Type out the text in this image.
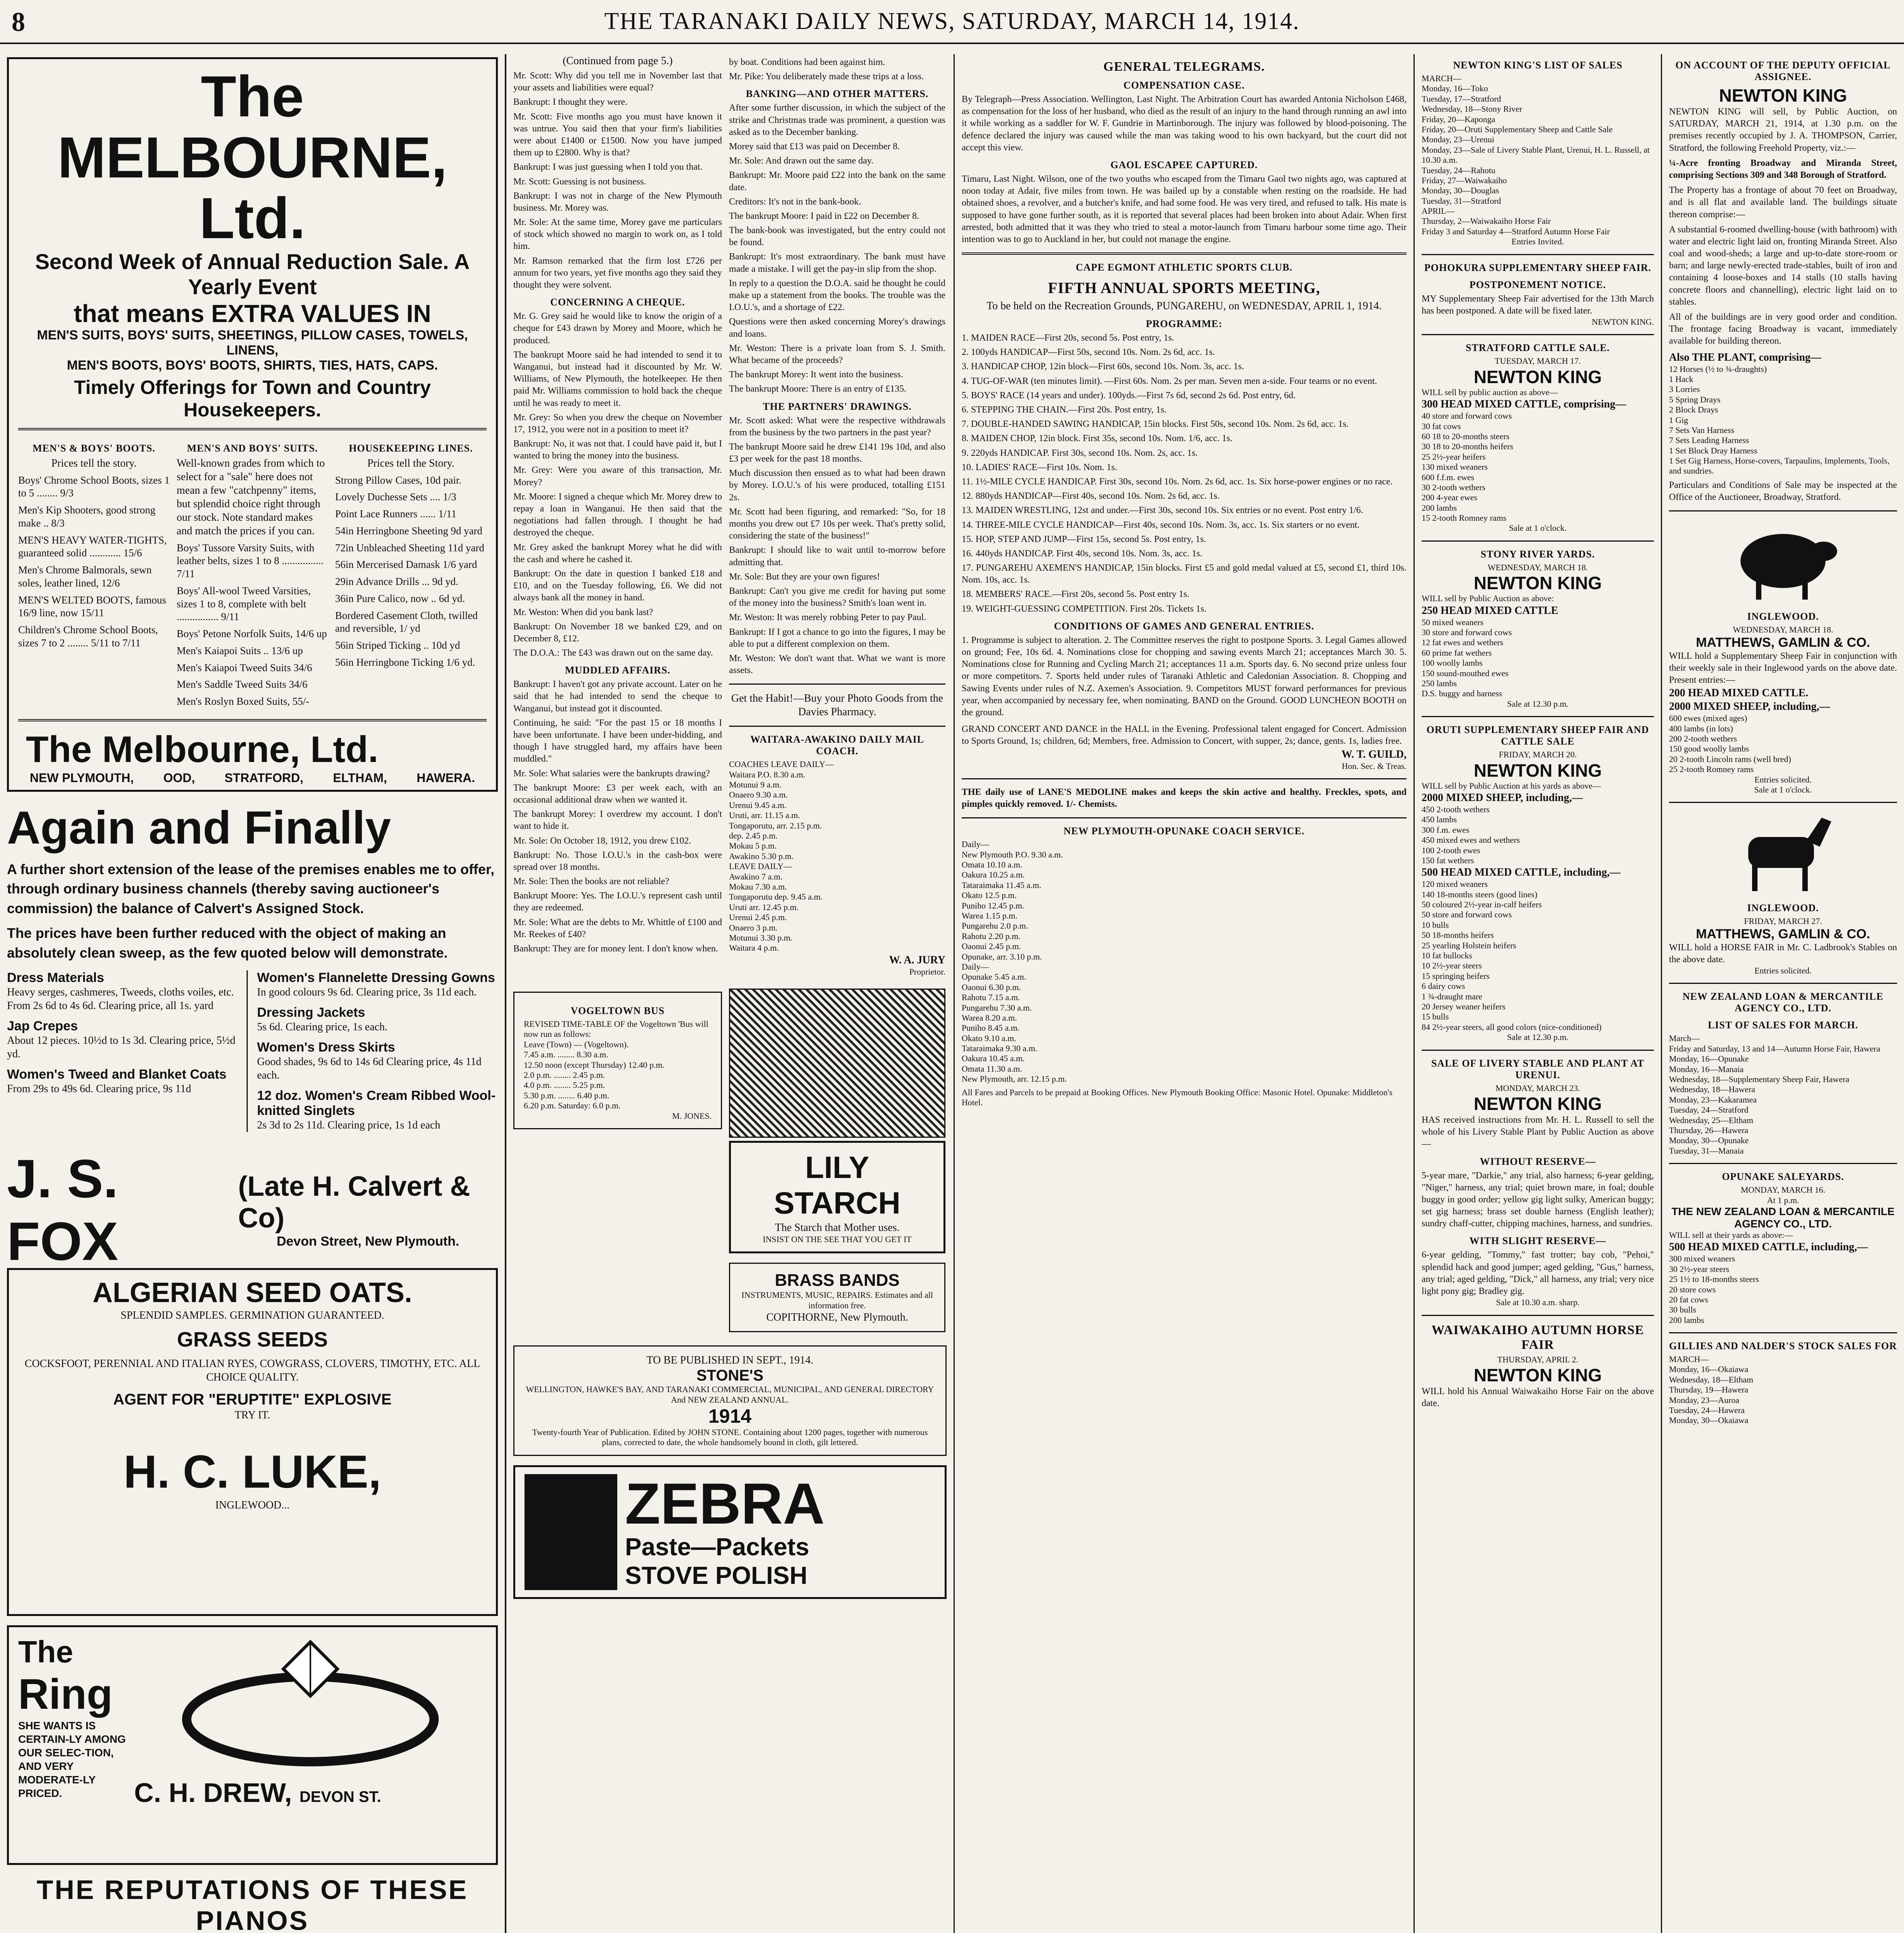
8	THE TARANAKI DAILY NEWS, SATURDAY, MARCH 14, 1914.
The MELBOURNE, Ltd.
Second Week of Annual Reduction Sale. A Yearly Event
that means EXTRA VALUES IN
MEN'S SUITS, BOYS' SUITS, SHEETINGS, PILLOW CASES, TOWELS, LINENS,
MEN'S BOOTS, BOYS' BOOTS, SHIRTS, TIES, HATS, CAPS.
Timely Offerings for Town and Country Housekeepers.
MEN'S & BOYS' BOOTS.
Prices tell the story.
Boys' Chrome School Boots, sizes 1 to 5 ........ 9/3
Men's Kip Shooters, good strong make .. 8/3
MEN'S HEAVY WATER-TIGHTS, guaranteed solid ............ 15/6
Men's Chrome Balmorals, sewn soles, leather lined, 12/6
MEN'S WELTED BOOTS, famous 16/9 line, now 15/11
Children's Chrome School Boots, sizes 7 to 2 ........ 5/11 to 7/11
MEN'S AND BOYS' SUITS.
Well-known grades from which to select for a "sale" here does not mean a few "catchpenny" items, but splendid choice right through our stock. Note standard makes and match the prices if you can.
Boys' Tussore Varsity Suits, with leather belts, sizes 1 to 8 ................ 7/11
Boys' All-wool Tweed Varsities, sizes 1 to 8, complete with belt ................ 9/11
Boys' Petone Norfolk Suits, 14/6 up
Men's Kaiapoi Suits .. 13/6 up
Men's Kaiapoi Tweed Suits 34/6
Men's Saddle Tweed Suits 34/6
Men's Roslyn Boxed Suits, 55/-
HOUSEKEEPING LINES.
Prices tell the Story.
Strong Pillow Cases, 10d pair.
Lovely Duchesse Sets .... 1/3
Point Lace Runners ...... 1/11
54in Herringbone Sheeting 9d yard
72in Unbleached Sheeting 11d yard
56in Mercerised Damask 1/6 yard
29in Advance Drills ... 9d yd.
36in Pure Calico, now .. 6d yd.
Bordered Casement Cloth, twilled and reversible, 1/ yd
56in Striped Ticking .. 10d yd
56in Herringbone Ticking 1/6 yd.
The Melbourne, Ltd.
NEW PLYMOUTH, OOD, STRATFORD, ELTHAM, HAWERA.
Again and Finally
A further short extension of the lease of the premises enables me to offer, through ordinary business channels (thereby saving auctioneer's commission) the balance of Calvert's Assigned Stock.
The prices have been further reduced with the object of making an absolutely clean sweep, as the few quoted below will demonstrate.
Dress Materials
Heavy serges, cashmeres, Tweeds, cloths voiles, etc. From 2s 6d to 4s 6d. Clearing price, all 1s. yard
Jap Crepes
About 12 pieces. 10½d to 1s 3d. Clearing price, 5½d yd.
Women's Tweed and Blanket Coats
From 29s to 49s 6d. Clearing price, 9s 11d
Women's Flannelette Dressing Gowns
In good colours 9s 6d. Clearing price, 3s 11d each.
Dressing Jackets
5s 6d. Clearing price, 1s each.
Women's Dress Skirts
Good shades, 9s 6d to 14s 6d Clearing price, 4s 11d each.
12 doz. Women's Cream Ribbed Wool-knitted Singlets
2s 3d to 2s 11d. Clearing price, 1s 1d each
J. S. FOX
(Late H. Calvert & Co)
Devon Street, New Plymouth.
ALGERIAN SEED OATS.
SPLENDID SAMPLES. GERMINATION GUARANTEED.
GRASS SEEDS
COCKSFOOT, PERENNIAL AND ITALIAN RYES, COWGRASS, CLOVERS, TIMOTHY, ETC. ALL CHOICE QUALITY.
AGENT FOR "ERUPTITE" EXPLOSIVE
TRY IT.
H. C. LUKE,
INGLEWOOD...
The
Ring
SHE WANTS IS CERTAIN-LY AMONG OUR SELEC-TION, AND VERY MODERATE-LY PRICED.	C. H. DREW, DEVON ST.
THE REPUTATIONS OF THESE PIANOS
(Continued from page 5.)

Mr. Scott: Why did you tell me in November last that your assets and liabilities were equal?

Bankrupt: I thought they were.

Mr. Scott: Five months ago you must have known it was untrue. You said then that your firm's liabilities were about £1400 or £1500. Now you have jumped them up to £2800. Why is that?

Bankrupt: I was just guessing when I told you that.

Mr. Scott: Guessing is not business.

Bankrupt: I was not in charge of the New Plymouth business. Mr. Morey was.

Mr. Sole: At the same time, Morey gave me particulars of stock which showed no margin to work on, as I told him.

Mr. Ramson remarked that the firm lost £726 per annum for two years, yet five months ago they said they thought they were solvent.

CONCERNING A CHEQUE.

Mr. G. Grey said he would like to know the origin of a cheque for £43 drawn by Morey and Moore, which he produced.

The bankrupt Moore said he had intended to send it to Wanganui, but instead had it discounted by Mr. W. Williams, of New Plymouth, the hotelkeeper. He then paid Mr. Williams commission to hold back the cheque until he was ready to meet it.

Mr. Grey: So when you drew the cheque on November 17, 1912, you were not in a position to meet it?

Bankrupt: No, it was not that. I could have paid it, but I wanted to bring the money into the business.

Mr. Grey: Were you aware of this transaction, Mr. Morey?

Mr. Moore: I signed a cheque which Mr. Morey drew to repay a loan in Wanganui. He then said that the negotiations had fallen through. I thought he had destroyed the cheque.

Mr. Grey asked the bankrupt Morey what he did with the cash and where he cashed it.

Bankrupt: On the date in question I banked £18 and £10, and on the Tuesday following, £6. We did not always bank all the money in hand.

Mr. Weston: When did you bank last?

Bankrupt: On November 18 we banked £29, and on December 8, £12.

The D.O.A.: The £43 was drawn out on the same day.

MUDDLED AFFAIRS.

Bankrupt: I haven't got any private account. Later on he said that he had intended to send the cheque to Wanganui, but instead got it discounted.

Continuing, he said: "For the past 15 or 18 months I have been unfortunate. I have been under-bidding, and though I have struggled hard, my affairs have been muddled."

Mr. Sole: What salaries were the bankrupts drawing?

The bankrupt Moore: £3 per week each, with an occasional additional draw when we wanted it.

The bankrupt Morey: I overdrew my account. I don't want to hide it.

Mr. Sole: On October 18, 1912, you drew £102.

Bankrupt: No. Those I.O.U.'s in the cash-box were spread over 18 months.

Mr. Sole: Then the books are not reliable?

Bankrupt Moore: Yes. The I.O.U.'s represent cash until they are redeemed.

Mr. Sole: What are the debts to Mr. Whittle of £100 and Mr. Reekes of £40?

Bankrupt: They are for money lent. I don't know when.

by boat. Conditions had been against him.

Mr. Pike: You deliberately made these trips at a loss.

BANKING—AND OTHER MATTERS.

After some further discussion, in which the subject of the strike and Christmas trade was prominent, a question was asked as to the December banking.

Morey said that £13 was paid on December 8.

Mr. Sole: And drawn out the same day.

Bankrupt: Mr. Moore paid £22 into the bank on the same date.

Creditors: It's not in the bank-book.

The bankrupt Moore: I paid in £22 on December 8.

The bank-book was investigated, but the entry could not be found.

Bankrupt: It's most extraordinary. The bank must have made a mistake. I will get the pay-in slip from the shop.

In reply to a question the D.O.A. said he thought he could make up a statement from the books. The trouble was the I.O.U.'s, and a shortage of £22.

Questions were then asked concerning Morey's drawings and loans.

Mr. Weston: There is a private loan from S. J. Smith. What became of the proceeds?

The bankrupt Morey: It went into the business.

The bankrupt Moore: There is an entry of £135.

THE PARTNERS' DRAWINGS.

Mr. Scott asked: What were the respective withdrawals from the business by the two partners in the past year?

The bankrupt Moore said he drew £141 19s 10d, and also £3 per week for the past 18 months.

Much discussion then ensued as to what had been drawn by Morey. I.O.U.'s of his were produced, totalling £151 2s.

Mr. Scott had been figuring, and remarked: "So, for 18 months you drew out £7 10s per week. That's pretty solid, considering the state of the business!"

Bankrupt: I should like to wait until to-morrow before admitting that.

Mr. Sole: But they are your own figures!

Bankrupt: Can't you give me credit for having put some of the money into the business? Smith's loan went in.

Mr. Weston: It was merely robbing Peter to pay Paul.

Bankrupt: If I got a chance to go into the figures, I may be able to put a different complexion on them.

Mr. Weston: We don't want that. What we want is more assets.

Get the Habit!—Buy your Photo Goods from the Davies Pharmacy.
WAITARA-AWAKINO DAILY MAIL COACH.
COACHES LEAVE DAILY—
Waitara P.O. 8.30 a.m.
Motunui 9 a.m.
Onaero 9.30 a.m.
Urenui 9.45 a.m.
Uruti, arr. 11.15 a.m.
Tongaporutu, arr. 2.15 p.m.
dep. 2.45 p.m.
Mokau 5 p.m.
Awakino 5.30 p.m.
LEAVE DAILY—
Awakino 7 a.m.
Mokau 7.30 a.m.
Tongaporutu dep. 9.45 a.m.
Uruti arr. 12.45 p.m.
Urenui 2.45 p.m.
Onaero 3 p.m.
Motunui 3.30 p.m.
Waitara 4 p.m.
W. A. JURY
Proprietor.
VOGELTOWN BUS
REVISED TIME-TABLE OF the Vogeltown 'Bus will now run as follows:
Leave (Town) — (Vogeltown).
7.45 a.m. ........ 8.30 a.m.
12.50 noon (except Thursday) 12.40 p.m.
2.0 p.m. ........ 2.45 p.m.
4.0 p.m. ........ 5.25 p.m.
5.30 p.m. ........ 6.40 p.m.
6.20 p.m. Saturday: 6.0 p.m.
M. JONES.
LILY STARCH
The Starch that Mother uses.
INSIST ON THE SEE THAT YOU GET IT
BRASS BANDS
INSTRUMENTS, MUSIC, REPAIRS. Estimates and all information free.
COPITHORNE, New Plymouth.
TO BE PUBLISHED IN SEPT., 1914.
STONE'S
WELLINGTON, HAWKE'S BAY, AND TARANAKI COMMERCIAL, MUNICIPAL, AND GENERAL DIRECTORY And NEW ZEALAND ANNUAL.
1914
Twenty-fourth Year of Publication. Edited by JOHN STONE. Containing about 1200 pages, together with numerous plans, corrected to date, the whole handsomely bound in cloth, gilt lettered.
ZEBRA
Paste—Packets
STOVE POLISH
GENERAL TELEGRAMS.
COMPENSATION CASE.
By Telegraph—Press Association. Wellington, Last Night. The Arbitration Court has awarded Antonia Nicholson £468, as compensation for the loss of her husband, who died as the result of an injury to the hand through running an awl into it while working as a saddler for W. F. Gundrie in Martinborough. The injury was followed by blood-poisoning. The defence declared the injury was caused while the man was taking wood to his own backyard, but the court did not accept this view.
GAOL ESCAPEE CAPTURED.
Timaru, Last Night. Wilson, one of the two youths who escaped from the Timaru Gaol two nights ago, was captured at noon today at Adair, five miles from town. He was bailed up by a constable when resting on the roadside. He had obtained shoes, a revolver, and a butcher's knife, and had some food. He was very tired, and refused to talk. His mate is supposed to have gone further south, as it is reported that several places had been broken into about Adair. When first arrested, both admitted that it was they who tried to steal a motor-launch from Timaru harbour some time ago. Their intention was to go to Auckland in her, but could not manage the engine.
CAPE EGMONT ATHLETIC SPORTS CLUB.
FIFTH ANNUAL SPORTS MEETING,
To be held on the Recreation Grounds, PUNGAREHU, on WEDNESDAY, APRIL 1, 1914.
PROGRAMME:

1. MAIDEN RACE—First 20s, second 5s. Post entry, 1s.

2. 100yds HANDICAP—First 50s, second 10s. Nom. 2s 6d, acc. 1s.

3. HANDICAP CHOP, 12in block—First 60s, second 10s. Nom. 3s, acc. 1s.

4. TUG-OF-WAR (ten minutes limit). —First 60s. Nom. 2s per man. Seven men a-side. Four teams or no event.

5. BOYS' RACE (14 years and under). 100yds.—First 7s 6d, second 2s 6d. Post entry, 6d.

6. STEPPING THE CHAIN.—First 20s. Post entry, 1s.

7. DOUBLE-HANDED SAWING HANDICAP, 15in blocks. First 50s, second 10s. Nom. 2s 6d, acc. 1s.

8. MAIDEN CHOP, 12in block. First 35s, second 10s. Nom. 1/6, acc. 1s.

9. 220yds HANDICAP. First 30s, second 10s. Nom. 2s, acc. 1s.

10. LADIES' RACE—First 10s. Nom. 1s.

11. 1½-MILE CYCLE HANDICAP. First 30s, second 10s. Nom. 2s 6d, acc. 1s. Six horse-power engines or no race.

12. 880yds HANDICAP—First 40s, second 10s. Nom. 2s 6d, acc. 1s.

13. MAIDEN WRESTLING, 12st and under.—First 30s, second 10s. Six entries or no event. Post entry 1/6.

14. THREE-MILE CYCLE HANDICAP—First 40s, second 10s. Nom. 3s, acc. 1s. Six starters or no event.

15. HOP, STEP AND JUMP—First 15s, second 5s. Post entry, 1s.

16. 440yds HANDICAP. First 40s, second 10s. Nom. 3s, acc. 1s.

17. PUNGAREHU AXEMEN'S HANDICAP, 15in blocks. First £5 and gold medal valued at £5, second £1, third 10s. Nom. 10s, acc. 1s.

18. MEMBERS' RACE.—First 20s, second 5s. Post entry 1s.

19. WEIGHT-GUESSING COMPETITION. First 20s. Tickets 1s.

CONDITIONS OF GAMES AND GENERAL ENTRIES.
1. Programme is subject to alteration. 2. The Committee reserves the right to postpone Sports. 3. Legal Games allowed on ground; Fee, 10s 6d. 4. Nominations close for chopping and sawing events March 21; acceptances March 30. 5. Nominations close for Running and Cycling March 21; acceptances 11 a.m. Sports day. 6. No second prize unless four or more competitors. 7. Sports held under rules of Taranaki Athletic and Caledonian Association. 8. Chopping and Sawing Events under rules of N.Z. Axemen's Association. 9. Competitors MUST forward performances for previous year, when accompanied by necessary fee, when nominating. BAND on the Ground. GOOD LUNCHEON BOOTH on the ground.
GRAND CONCERT AND DANCE in the HALL in the Evening. Professional talent engaged for Concert. Admission to Sports Ground, 1s; children, 6d; Members, free. Admission to Concert, with supper, 2s; dance, gents. 1s, ladies free.
W. T. GUILD,
Hon. Sec. & Treas.
THE daily use of LANE'S MEDOLINE makes and keeps the skin active and healthy. Freckles, spots, and pimples quickly removed. 1/- Chemists.
NEW PLYMOUTH-OPUNAKE COACH SERVICE.
Daily—
New Plymouth P.O. 9.30 a.m.
Omata 10.10 a.m.
Oakura 10.25 a.m.
Tataraimaka 11.45 a.m.
Okato 12.5 p.m.
Puniho 12.45 p.m.
Warea 1.15 p.m.
Pungarehu 2.0 p.m.
Rahotu 2.20 p.m.
Oaonui 2.45 p.m.
Opunake, arr. 3.10 p.m.
Daily—
Opunake 5.45 a.m.
Oaonui 6.30 p.m.
Rahotu 7.15 a.m.
Pungarehu 7.30 a.m.
Warea 8.20 a.m.
Puniho 8.45 a.m.
Okato 9.10 a.m.
Tataraimaka 9.30 a.m.
Oakura 10.45 a.m.
Omata 11.30 a.m.
New Plymouth, arr. 12.15 p.m.
All Fares and Parcels to be prepaid at Booking Offices. New Plymouth Booking Office: Masonic Hotel. Opunake: Middleton's Hotel.
NEWTON KING'S LIST OF SALES
MARCH—
Monday, 16—Toko
Tuesday, 17—Stratford
Wednesday, 18—Stony River
Friday, 20—Kaponga
Friday, 20—Oruti Supplementary Sheep and Cattle Sale
Monday, 23—Urenui
Monday, 23—Sale of Livery Stable Plant, Urenui, H. L. Russell, at 10.30 a.m.
Tuesday, 24—Rahotu
Friday, 27—Waiwakaiho
Monday, 30—Douglas
Tuesday, 31—Stratford
APRIL—
Thursday, 2—Waiwakaiho Horse Fair
Friday 3 and Saturday 4—Stratford Autumn Horse Fair
Entries Invited.
POHOKURA SUPPLEMENTARY SHEEP FAIR.
POSTPONEMENT NOTICE.
MY Supplementary Sheep Fair advertised for the 13th March has been postponed. A date will be fixed later.
NEWTON KING.
STRATFORD CATTLE SALE.
TUESDAY, MARCH 17.
NEWTON KING
WILL sell by public auction as above—
300 HEAD MIXED CATTLE, comprising—
40 store and forward cows
30 fat cows
60 18 to 20-months steers
30 18 to 20-months heifers
25 2½-year heifers
130 mixed weaners
600 f.f.m. ewes
30 2-tooth wethers
200 4-year ewes
200 lambs
15 2-tooth Romney rams
Sale at 1 o'clock.
STONY RIVER YARDS.
WEDNESDAY, MARCH 18.
NEWTON KING
WILL sell by Public Auction as above:
250 HEAD MIXED CATTLE
50 mixed weaners
30 store and forward cows
12 fat ewes and wethers
60 prime fat wethers
100 woolly lambs
150 sound-mouthed ewes
250 lambs
D.S. buggy and harness
Sale at 12.30 p.m.
ORUTI SUPPLEMENTARY SHEEP FAIR AND CATTLE SALE
FRIDAY, MARCH 20.
NEWTON KING
WILL sell by Public Auction at his yards as above—
2000 MIXED SHEEP, including,—
450 2-tooth wethers
450 lambs
300 f.m. ewes
450 mixed ewes and wethers
100 2-tooth ewes
150 fat wethers
500 HEAD MIXED CATTLE, including,—
120 mixed weaners
140 18-months steers (good lines)
50 coloured 2½-year in-calf heifers
50 store and forward cows
10 bulls
50 18-months heifers
25 yearling Holstein heifers
10 fat bullocks
10 2½-year steers
15 springing heifers
6 dairy cows
1 ¾-draught mare
20 Jersey weaner heifers
15 bulls
84 2½-year steers, all good colors (nice-conditioned)
Sale at 12.30 p.m.
SALE OF LIVERY STABLE AND PLANT AT URENUI.
MONDAY, MARCH 23.
NEWTON KING
HAS received instructions from Mr. H. L. Russell to sell the whole of his Livery Stable Plant by Public Auction as above—
WITHOUT RESERVE—
5-year mare, "Darkie," any trial, also harness; 6-year gelding, "Niger," harness, any trial; quiet brown mare, in foal; double buggy in good order; yellow gig light sulky, American buggy; set gig harness; brass set double harness (English leather); sundry chaff-cutter, chipping machines, harness, and sundries.
WITH SLIGHT RESERVE—
6-year gelding, "Tommy," fast trotter; bay cob, "Pehoi," splendid hack and good jumper; aged gelding, "Gus," harness, any trial; aged gelding, "Dick," all harness, any trial; very nice light pony gig; Bradley gig.
Sale at 10.30 a.m. sharp.
WAIWAKAIHO AUTUMN HORSE FAIR
THURSDAY, APRIL 2.
NEWTON KING
WILL hold his Annual Waiwakaiho Horse Fair on the above date.
ON ACCOUNT OF THE DEPUTY OFFICIAL ASSIGNEE.
NEWTON KING
NEWTON KING will sell, by Public Auction, on SATURDAY, MARCH 21, 1914, at 1.30 p.m. on the premises recently occupied by J. A. THOMPSON, Carrier, Stratford, the following Freehold Property, viz.:—
¼-Acre fronting Broadway and Miranda Street, comprising Sections 309 and 348 Borough of Stratford.
The Property has a frontage of about 70 feet on Broadway, and is all flat and available land. The buildings situate thereon comprise:—
A substantial 6-roomed dwelling-house (with bathroom) with water and electric light laid on, fronting Miranda Street. Also coal and wood-sheds; a large and up-to-date store-room or barn; and large newly-erected trade-stables, built of iron and containing 4 loose-boxes and 14 stalls (10 stalls having concrete floors and channelling), electric light laid on to stables.
All of the buildings are in very good order and condition. The frontage facing Broadway is vacant, immediately available for building thereon.
Also THE PLANT, comprising—
12 Horses (½ to ¾-draughts)
1 Hack
3 Lorries
5 Spring Drays
2 Block Drays
1 Gig
7 Sets Van Harness
7 Sets Leading Harness
1 Set Block Dray Harness
1 Set Gig Harness, Horse-covers, Tarpaulins, Implements, Tools, and sundries.
Particulars and Conditions of Sale may be inspected at the Office of the Auctioneer, Broadway, Stratford.
INGLEWOOD.
WEDNESDAY, MARCH 18.
MATTHEWS, GAMLIN & CO.
WILL hold a Supplementary Sheep Fair in conjunction with their weekly sale in their Inglewood yards on the above date. Present entries:—
200 HEAD MIXED CATTLE.
2000 MIXED SHEEP, including,—
600 ewes (mixed ages)
400 lambs (in lots)
200 2-tooth wethers
150 good woolly lambs
20 2-tooth Lincoln rams (well bred)
25 2-tooth Romney rams
Entries solicited.
Sale at 1 o'clock.
INGLEWOOD.
FRIDAY, MARCH 27.
MATTHEWS, GAMLIN & CO.
WILL hold a HORSE FAIR in Mr. C. Ladbrook's Stables on the above date.
Entries solicited.
NEW ZEALAND LOAN & MERCANTILE AGENCY CO., LTD.
LIST OF SALES FOR MARCH.
March—
Friday and Saturday, 13 and 14—Autumn Horse Fair, Hawera
Monday, 16—Opunake
Monday, 16—Manaia
Wednesday, 18—Supplementary Sheep Fair, Hawera
Wednesday, 18—Hawera
Monday, 23—Kakaramea
Tuesday, 24—Stratford
Wednesday, 25—Eltham
Thursday, 26—Hawera
Monday, 30—Opunake
Tuesday, 31—Manaia
OPUNAKE SALEYARDS.
MONDAY, MARCH 16.
At 1 p.m.
THE NEW ZEALAND LOAN & MERCANTILE AGENCY CO., LTD.
WILL sell at their yards as above:—
500 HEAD MIXED CATTLE, including,—
300 mixed weaners
30 2½-year steers
25 1½ to 18-months steers
20 store cows
20 fat cows
30 bulls
200 lambs
GILLIES AND NALDER'S STOCK SALES FOR
MARCH—
Monday, 16—Okaiawa
Wednesday, 18—Eltham
Thursday, 19—Hawera
Monday, 23—Auroa
Tuesday, 24—Hawera
Monday, 30—Okaiawa
